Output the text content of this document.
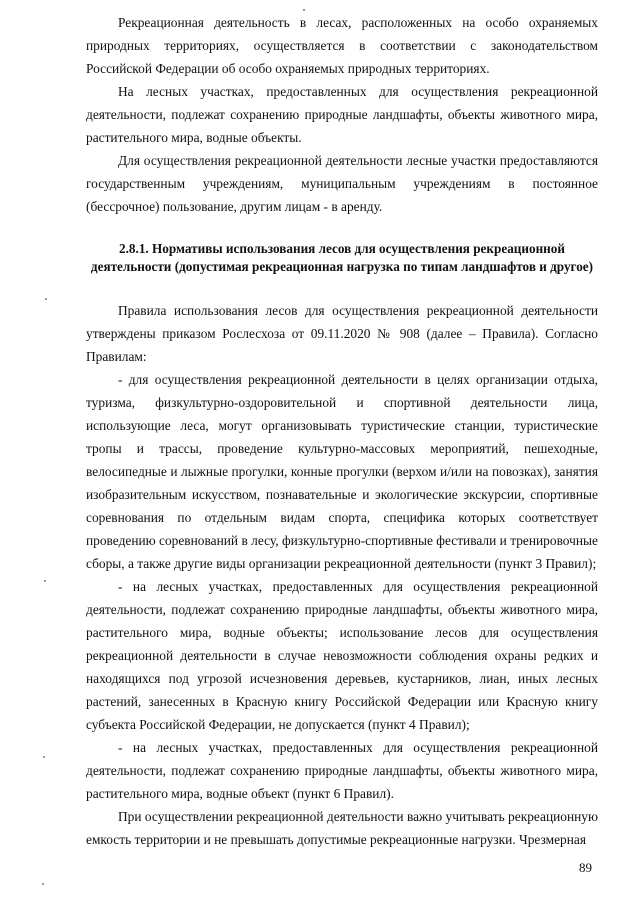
Рекреационная деятельность в лесах, расположенных на особо охраняемых природных территориях, осуществляется в соответствии с законодательством Российской Федерации об особо охраняемых природных территориях.

На лесных участках, предоставленных для осуществления рекреационной деятельности, подлежат сохранению природные ландшафты, объекты животного мира, растительного мира, водные объекты.

Для осуществления рекреационной деятельности лесные участки предоставляются государственным учреждениям, муниципальным учреждениям в постоянное (бессрочное) пользование, другим лицам - в аренду.

2.8.1. Нормативы использования лесов для осуществления рекреационной деятельности (допустимая рекреационная нагрузка по типам ландшафтов и другое)

Правила использования лесов для осуществления рекреационной деятельности утверждены приказом Рослесхоза от 09.11.2020 № 908 (далее – Правила). Согласно Правилам:

- для осуществления рекреационной деятельности в целях организации отдыха, туризма, физкультурно-оздоровительной и спортивной деятельности лица, использующие леса, могут организовывать туристические станции, туристические тропы и трассы, проведение культурно-массовых мероприятий, пешеходные, велосипедные и лыжные прогулки, конные прогулки (верхом и/или на повозках), занятия изобразительным искусством, познавательные и экологические экскурсии, спортивные соревнования по отдельным видам спорта, специфика которых соответствует проведению соревнований в лесу, физкультурно-спортивные фестивали и тренировочные сборы, а также другие виды организации рекреационной деятельности (пункт 3 Правил);

- на лесных участках, предоставленных для осуществления рекреационной деятельности, подлежат сохранению природные ландшафты, объекты животного мира, растительного мира, водные объекты; использование лесов для осуществления рекреационной деятельности в случае невозможности соблюдения охраны редких и находящихся под угрозой исчезновения деревьев, кустарников, лиан, иных лесных растений, занесенных в Красную книгу Российской Федерации или Красную книгу субъекта Российской Федерации, не допускается (пункт 4 Правил);

- на лесных участках, предоставленных для осуществления рекреационной деятельности, подлежат сохранению природные ландшафты, объекты животного мира, растительного мира, водные объект (пункт 6 Правил).

При осуществлении рекреационной деятельности важно учитывать рекреационную емкость территории и не превышать допустимые рекреационные нагрузки. Чрезмерная

89
